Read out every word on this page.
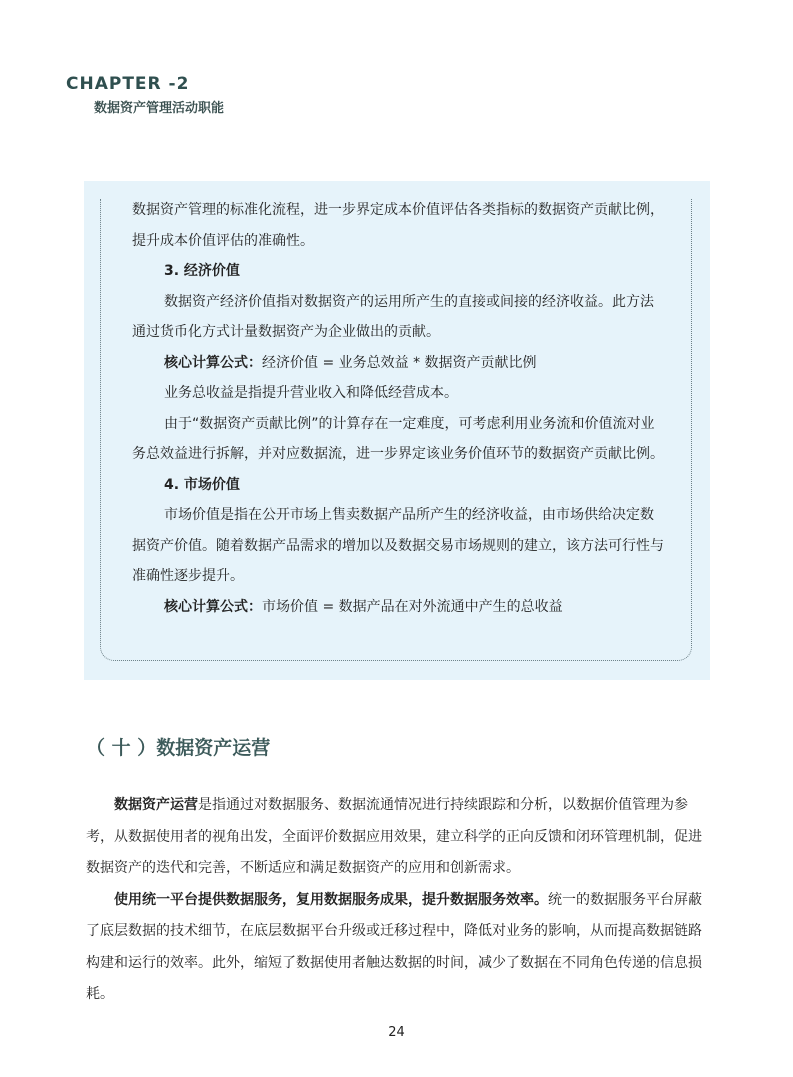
CHAPTER -2
数据资产管理活动职能

数据资产管理的标准化流程，进一步界定成本价值评估各类指标的数据资产贡献比例，提升成本价值评估的准确性。

3. 经济价值

数据资产经济价值指对数据资产的运用所产生的直接或间接的经济收益。此方法通过货币化方式计量数据资产为企业做出的贡献。

核心计算公式：经济价值 = 业务总效益 * 数据资产贡献比例

业务总收益是指提升营业收入和降低经营成本。

由于“数据资产贡献比例”的计算存在一定难度，可考虑利用业务流和价值流对业务总效益进行拆解，并对应数据流，进一步界定该业务价值环节的数据资产贡献比例。

4. 市场价值

市场价值是指在公开市场上售卖数据产品所产生的经济收益，由市场供给决定数据资产价值。随着数据产品需求的增加以及数据交易市场规则的建立，该方法可行性与准确性逐步提升。

核心计算公式：市场价值 = 数据产品在对外流通中产生的总收益

（ 十 ）数据资产运营

数据资产运营是指通过对数据服务、数据流通情况进行持续跟踪和分析，以数据价值管理为参考，从数据使用者的视角出发，全面评价数据应用效果，建立科学的正向反馈和闭环管理机制，促进数据资产的迭代和完善，不断适应和满足数据资产的应用和创新需求。

使用统一平台提供数据服务，复用数据服务成果，提升数据服务效率。统一的数据服务平台屏蔽了底层数据的技术细节，在底层数据平台升级或迁移过程中，降低对业务的影响，从而提高数据链路构建和运行的效率。此外，缩短了数据使用者触达数据的时间，减少了数据在不同角色传递的信息损耗。

24
